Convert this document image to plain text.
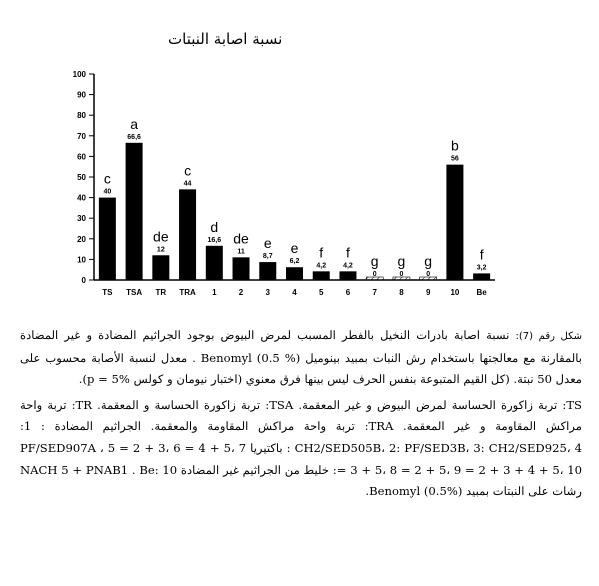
نسبة اصابة النبتات
0
10
20
30
40
50
60
70
80
90
100
40
c
TS
66,6
a
TSA
12
de
TR
44
c
TRA
16,6
d
1
11
de
2
8,7
e
3
6,2
e
4
4,2
f
5
4,2
f
6
0
g
7
0
g
8
0
g
9
56
b
10
3,2
f
Be

شكل رقم (7): نسبة اصابة بادرات النخيل بالفطر المسبب لمرض البيوض بوجود الجراثيم المضادة و غير المضادة بالمقارنة مع معالجتها باستخدام رش النبات بمبيد بينوميل Benomyl (0.5 %) . معدل لنسبة الأصابة محسوب على معدل 50 نبتة. (كل القيم المتبوعة بنفس الحرف ليس بينها فرق معنوي (اختبار نيومان و كولس p = 5%).

TS: تربة زاكورة الحساسة لمرض البيوض و غير المعقمة. TSA: تربة زاكورة الحساسة و المعقمة. TR: تربة واحة مراكش المقاومة و غير المعقمة. TRA: تربة واحة مراكش المقاومة والمعقمة. الجراثيم المضادة : 1: CH2/SED505B، 2: PF/SED3B، 3: CH2/SED925، 4 : باكتيريا PF/SED907A ، 5 = 2 + 3، 6 = 4 + 5، 7 = 3 + 5، 8 = 2 + 5، 9 = 2 + 3 + 4 + 5، 10: خليط من الجراثيم غير المضادة NACH 5 + PNAB1 . Be: 10 رشات على النبتات بمبيد Benomyl (0.5%).
